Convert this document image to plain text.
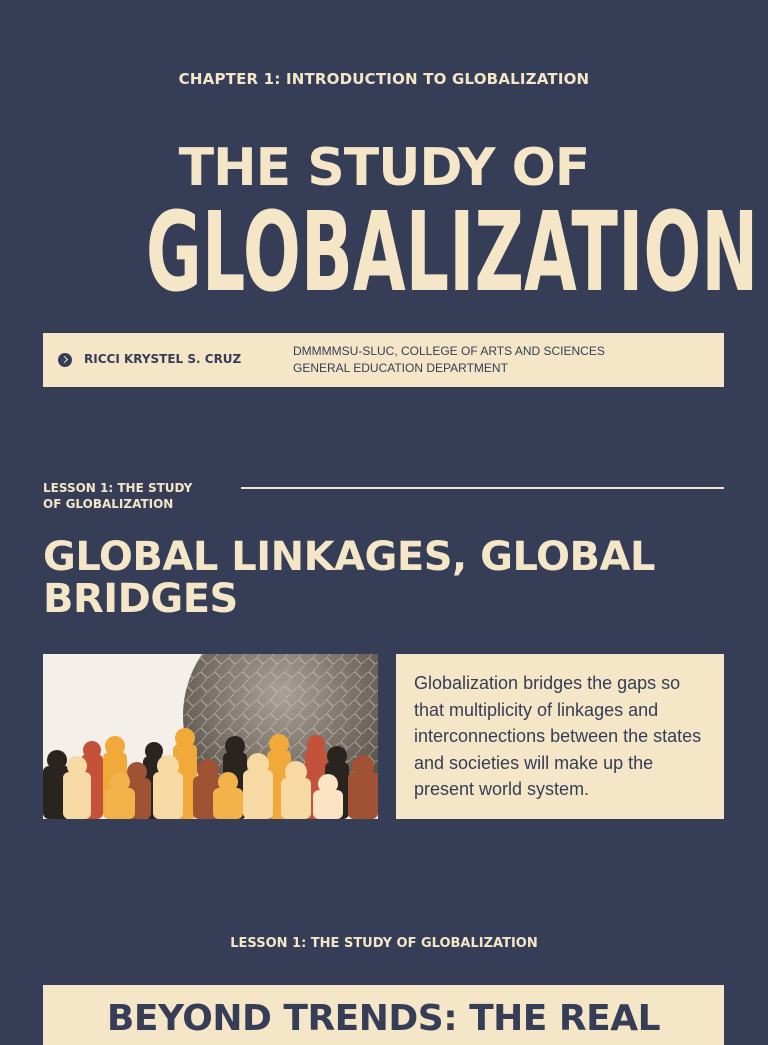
CHAPTER 1: INTRODUCTION TO GLOBALIZATION
THE STUDY OF
GLOBALIZATION
RICCI KRYSTEL S. CRUZ
DMMMMSU-SLUC, COLLEGE OF ARTS AND SCIENCES
GENERAL EDUCATION DEPARTMENT
LESSON 1: THE STUDY
OF GLOBALIZATION
GLOBAL LINKAGES, GLOBAL
BRIDGES
Globalization bridges the gaps so that multiplicity of linkages and interconnections between the states and societies will make up the present world system.
LESSON 1: THE STUDY OF GLOBALIZATION
BEYOND TRENDS: THE REAL
